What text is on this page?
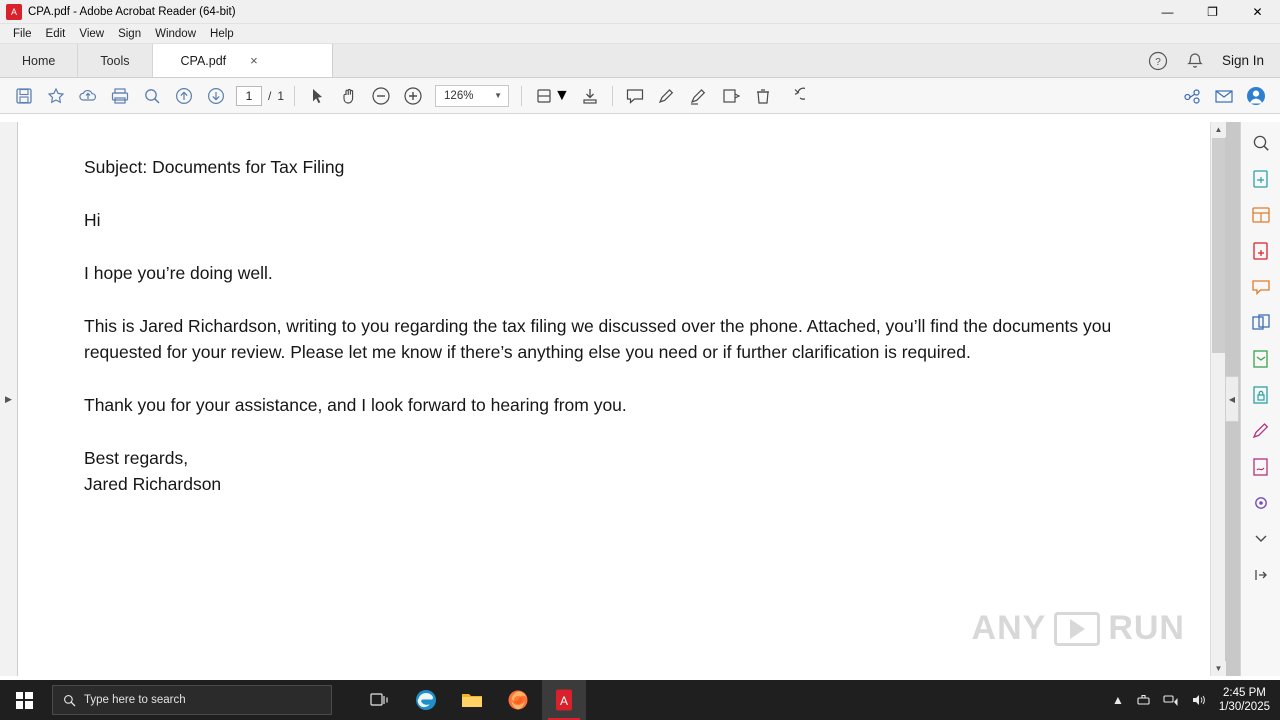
A CPA.pdf - Adobe Acrobat Reader (64-bit)	—	❐	✕
File	Edit	View	Sign	Window	Help
Home	Tools	CPA.pdf ×	?	Sign In
1
/ 1	126%	▼	▼
▶

Subject: Documents for Tax Filing

Hi

I hope you’re doing well.

This is Jared Richardson, writing to you regarding the tax filing we discussed over the phone. Attached, you’ll find the documents you requested for your review. Please let me know if there’s anything else you need or if further clarification is required.

Thank you for your assistance, and I look forward to hearing from you.

Best regards,

Jared Richardson

ANY RUN
▲
▼
◀
Type here to search	A	▲	2:45 PM
1/30/2025
